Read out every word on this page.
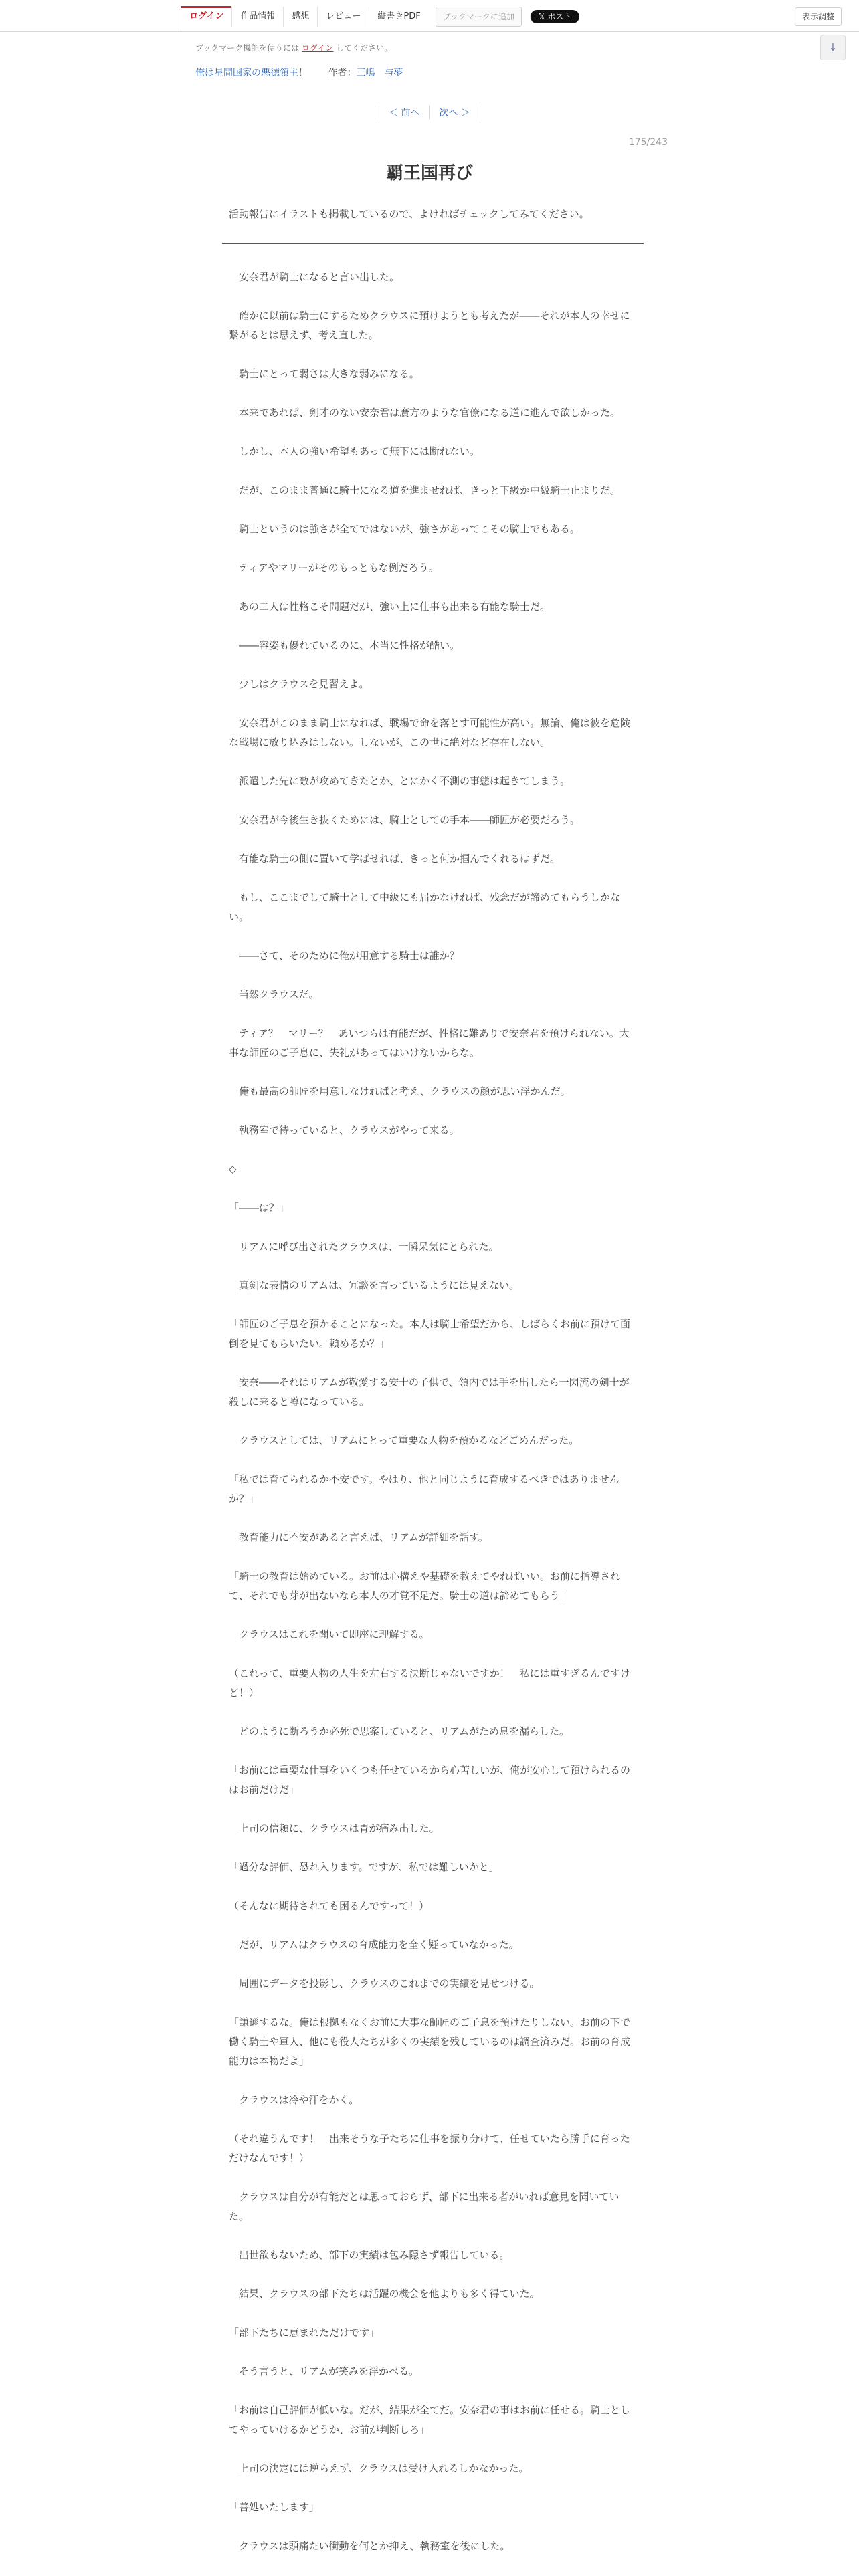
ログイン	作品情報	感想	レビュー	縦書きPDF	ブックマークに追加	𝕏 ポスト	表示調整
ブックマーク機能を使うには ログイン してください。	↓
俺は星間国家の悪徳領主！ 作者：三嶋　与夢
＜ 前へ 次へ ＞
175/243
覇王国再び
活動報告にイラストも掲載しているので、よければチェックしてみてください。

　安奈君が騎士になると言い出した。

　確かに以前は騎士にするためクラウスに預けようとも考えたが――それが本人の幸せに繋がるとは思えず、考え直した。

　騎士にとって弱さは大きな弱みになる。

　本来であれば、剣才のない安奈君は廣方のような官僚になる道に進んで欲しかった。

　しかし、本人の強い希望もあって無下には断れない。

　だが、このまま普通に騎士になる道を進ませれば、きっと下級か中級騎士止まりだ。

　騎士というのは強さが全てではないが、強さがあってこその騎士でもある。

　ティアやマリーがそのもっともな例だろう。

　あの二人は性格こそ問題だが、強い上に仕事も出来る有能な騎士だ。

　――容姿も優れているのに、本当に性格が酷い。

　少しはクラウスを見習えよ。

　安奈君がこのまま騎士になれば、戦場で命を落とす可能性が高い。無論、俺は彼を危険な戦場に放り込みはしない。しないが、この世に絶対など存在しない。

　派遣した先に敵が攻めてきたとか、とにかく不測の事態は起きてしまう。

　安奈君が今後生き抜くためには、騎士としての手本――師匠が必要だろう。

　有能な騎士の側に置いて学ばせれば、きっと何か掴んでくれるはずだ。

　もし、ここまでして騎士として中級にも届かなければ、残念だが諦めてもらうしかない。

　――さて、そのために俺が用意する騎士は誰か？

　当然クラウスだ。

　ティア？　マリー？　あいつらは有能だが、性格に難ありで安奈君を預けられない。大事な師匠のご子息に、失礼があってはいけないからな。

　俺も最高の師匠を用意しなければと考え、クラウスの顔が思い浮かんだ。

　執務室で待っていると、クラウスがやって来る。

◇

「――は？」

　リアムに呼び出されたクラウスは、一瞬呆気にとられた。

　真剣な表情のリアムは、冗談を言っているようには見えない。

「師匠のご子息を預かることになった。本人は騎士希望だから、しばらくお前に預けて面倒を見てもらいたい。頼めるか？」

　安奈――それはリアムが敬愛する安士の子供で、領内では手を出したら一閃流の剣士が殺しに来ると噂になっている。

　クラウスとしては、リアムにとって重要な人物を預かるなどごめんだった。

「私では育てられるか不安です。やはり、他と同じように育成するべきではありませんか？」

　教育能力に不安があると言えば、リアムが詳細を話す。

「騎士の教育は始めている。お前は心構えや基礎を教えてやればいい。お前に指導されて、それでも芽が出ないなら本人の才覚不足だ。騎士の道は諦めてもらう」

　クラウスはこれを聞いて即座に理解する。

（これって、重要人物の人生を左右する決断じゃないですか！　私には重すぎるんですけど！）

　どのように断ろうか必死で思案していると、リアムがため息を漏らした。

「お前には重要な仕事をいくつも任せているから心苦しいが、俺が安心して預けられるのはお前だけだ」

　上司の信頼に、クラウスは胃が痛み出した。

「過分な評価、恐れ入ります。ですが、私では難しいかと」

（そんなに期待されても困るんですって！）

　だが、リアムはクラウスの育成能力を全く疑っていなかった。

　周囲にデータを投影し、クラウスのこれまでの実績を見せつける。

「謙遜するな。俺は根拠もなくお前に大事な師匠のご子息を預けたりしない。お前の下で働く騎士や軍人、他にも役人たちが多くの実績を残しているのは調査済みだ。お前の育成能力は本物だよ」

　クラウスは冷や汗をかく。

（それ違うんです！　出来そうな子たちに仕事を振り分けて、任せていたら勝手に育っただけなんです！）

　クラウスは自分が有能だとは思っておらず、部下に出来る者がいれば意見を聞いていた。

　出世欲もないため、部下の実績は包み隠さず報告している。

　結果、クラウスの部下たちは活躍の機会を他よりも多く得ていた。

「部下たちに恵まれただけです」

　そう言うと、リアムが笑みを浮かべる。

「お前は自己評価が低いな。だが、結果が全てだ。安奈君の事はお前に任せる。騎士としてやっていけるかどうか、お前が判断しろ」

　上司の決定には逆らえず、クラウスは受け入れるしかなかった。

「善処いたします」

　クラウスは頭痛たい衝動を何とか抑え、執務室を後にした。
